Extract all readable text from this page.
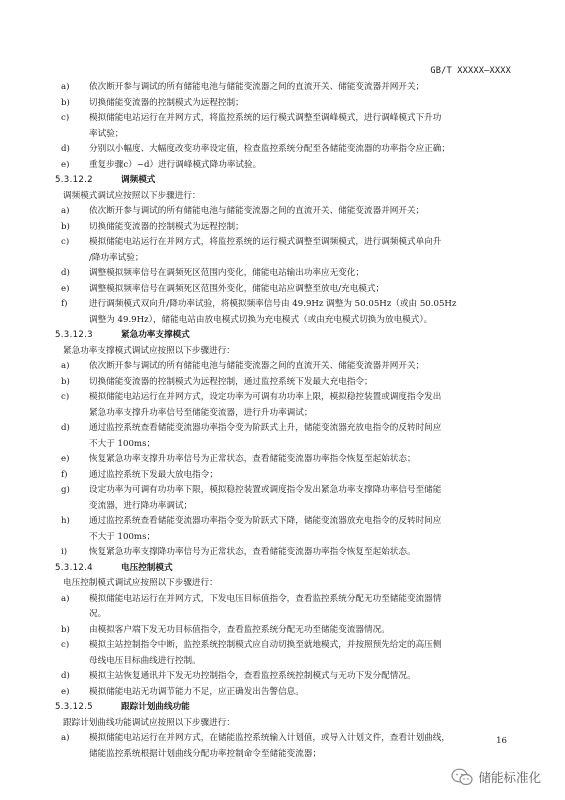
GB/T XXXXX—XXXX
a) 依次断开参与调试的所有储能电池与储能变流器之间的直流开关、储能变流器并网开关；
b) 切换储能变流器的控制模式为远程控制；
c) 模拟储能电站运行在并网方式，将监控系统的运行模式调整至调峰模式，进行调峰模式下升功
率试验；
d) 分别以小幅度、大幅度改变功率设定值，检查监控系统分配至各储能变流器的功率指令应正确；
e) 重复步骤c）~d）进行调峰模式降功率试验。
5.3.12.2	调频模式
调频模式调试应按照以下步骤进行：
a) 依次断开参与调试的所有储能电池与储能变流器之间的直流开关、储能变流器并网开关；
b) 切换储能变流器的控制模式为远程控制；
c) 模拟储能电站运行在并网方式，将监控系统的运行模式调整至调频模式，进行调频模式单向升
/降功率试验；
d) 调整模拟频率信号在调频死区范围内变化，储能电站输出功率应无变化；
e) 调整模拟频率信号在调频死区范围外变化，储能电站应调整至放电/充电模式；
f) 进行调频模式双向升/降功率试验，将模拟频率信号由 49.9Hz 调整为 50.05Hz（或由 50.05Hz
调整为 49.9Hz），储能电站由放电模式切换为充电模式（或由充电模式切换为放电模式）。
5.3.12.3	紧急功率支撑模式
紧急功率支撑模式调试应按照以下步骤进行：
a) 依次断开参与调试的所有储能电池与储能变流器之间的直流开关、储能变流器并网开关；
b) 切换储能变流器的控制模式为远程控制，通过监控系统下发最大充电指令；
c) 模拟储能电站运行在并网方式，设定功率为可调有功功率上限，模拟稳控装置或调度指令发出
紧急功率支撑升功率信号至储能变流器，进行升功率调试；
d) 通过监控系统查看储能变流器功率指令变为阶跃式上升，储能变流器充放电指令的反转时间应
不大于 100ms；
e) 恢复紧急功率支撑升功率信号为正常状态，查看储能变流器功率指令恢复至起始状态；
f) 通过监控系统下发最大放电指令；
g) 设定功率为可调有功功率下限，模拟稳控装置或调度指令发出紧急功率支撑降功率信号至储能
变流器，进行降功率调试；
h) 通过监控系统查看储能变流器功率指令变为阶跃式下降，储能变流器放充电指令的反转时间应
不大于 100ms；
i)	恢复紧急功率支撑降功率信号为正常状态，查看储能变流器功率指令恢复至起始状态。
5.3.12.4	电压控制模式
电压控制模式调试应按照以下步骤进行：
a) 模拟储能电站运行在并网方式，下发电压目标值指令，查看监控系统分配无功至储能变流器情
况。
b) 由模拟客户端下发无功目标值指令，查看监控系统分配无功至储能变流器情况。
c) 模拟主站控制指令中断，监控系统控制模式应自动切换至就地模式，并按照预先给定的高压侧
母线电压目标曲线进行控制。
d) 模拟主站恢复通讯并下发无功控制指令，查看监控系统控制模式与无功下发分配情况。
e) 模拟储能电站无功调节能力不足，应正确发出告警信息。
5.3.12.5	跟踪计划曲线功能
跟踪计划曲线功能调试应按照以下步骤进行：
a) 模拟储能电站运行在并网方式，在储能监控系统输入计划值，或导入计划文件，查看计划曲线，
储能监控系统根据计划曲线分配功率控制命令至储能变流器；
16
储能标准化
